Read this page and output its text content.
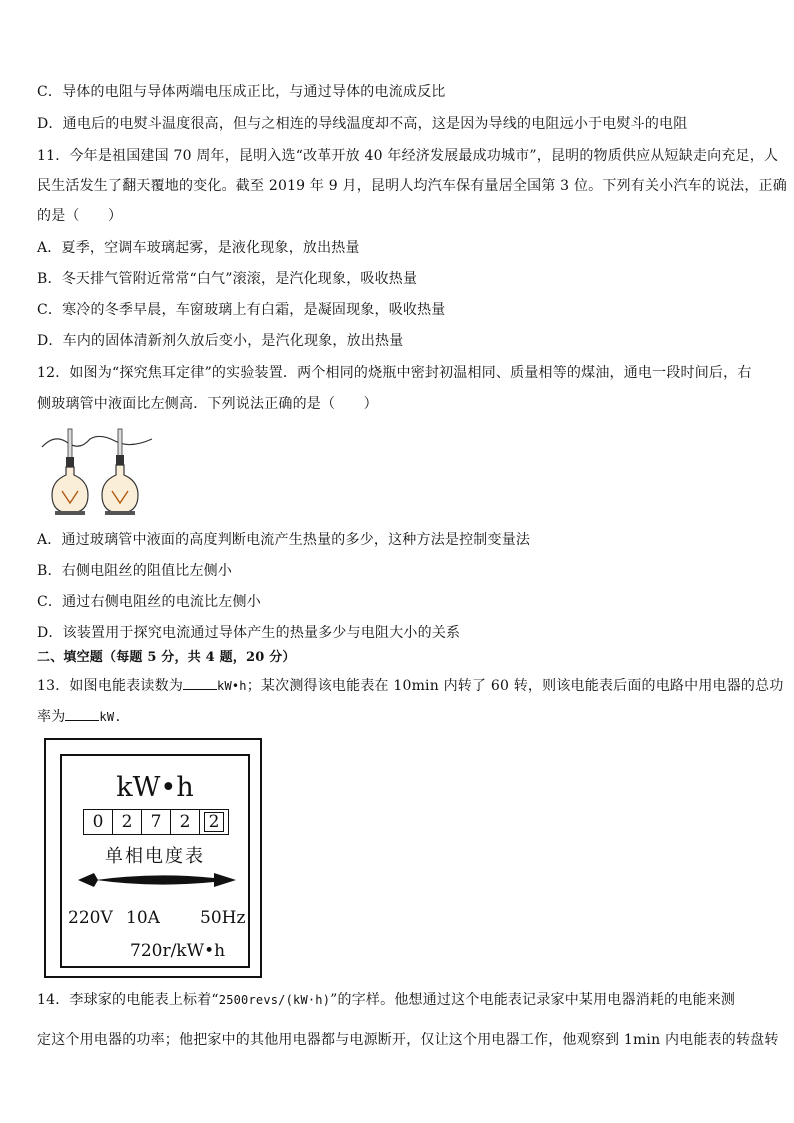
C．导体的电阻与导体两端电压成正比，与通过导体的电流成反比
D．通电后的电熨斗温度很高，但与之相连的导线温度却不高，这是因为导线的电阻远小于电熨斗的电阻
11．今年是祖国建国 70 周年，昆明入选“改革开放 40 年经济发展最成功城市”，昆明的物质供应从短缺走向充足，人
民生活发生了翻天覆地的变化。截至 2019 年 9 月，昆明人均汽车保有量居全国第 3 位。下列有关小汽车的说法，正确
的是（　　）
A．夏季，空调车玻璃起雾，是液化现象，放出热量
B．冬天排气管附近常常“白气”滚滚，是汽化现象，吸收热量
C．寒冷的冬季早晨，车窗玻璃上有白霜，是凝固现象，吸收热量
D．车内的固体清新剂久放后变小，是汽化现象，放出热量
12．如图为“探究焦耳定律”的实验装置．两个相同的烧瓶中密封初温相同、质量相等的煤油，通电一段时间后，右
侧玻璃管中液面比左侧高．下列说法正确的是（　　）
A．通过玻璃管中液面的高度判断电流产生热量的多少，这种方法是控制变量法
B．右侧电阻丝的阻值比左侧小
C．通过右侧电阻丝的电流比左侧小
D．该装置用于探究电流通过导体产生的热量多少与电阻大小的关系
二、填空题（每题 5 分，共 4 题，20 分）
13．如图电能表读数为	kW•h；某次测得该电能表在 10min 内转了 60 转，则该电能表后面的电路中用电器的总功
率为	kW.
kW•h
0	2	7	2	2
单相电度表
220V 10A 50Hz
720r/kW•h
14．李球家的电能表上标着“2500revs/(kW·h)”的字样。他想通过这个电能表记录家中某用电器消耗的电能来测
定这个用电器的功率；他把家中的其他用电器都与电源断开，仅让这个用电器工作，他观察到 1min 内电能表的转盘转
